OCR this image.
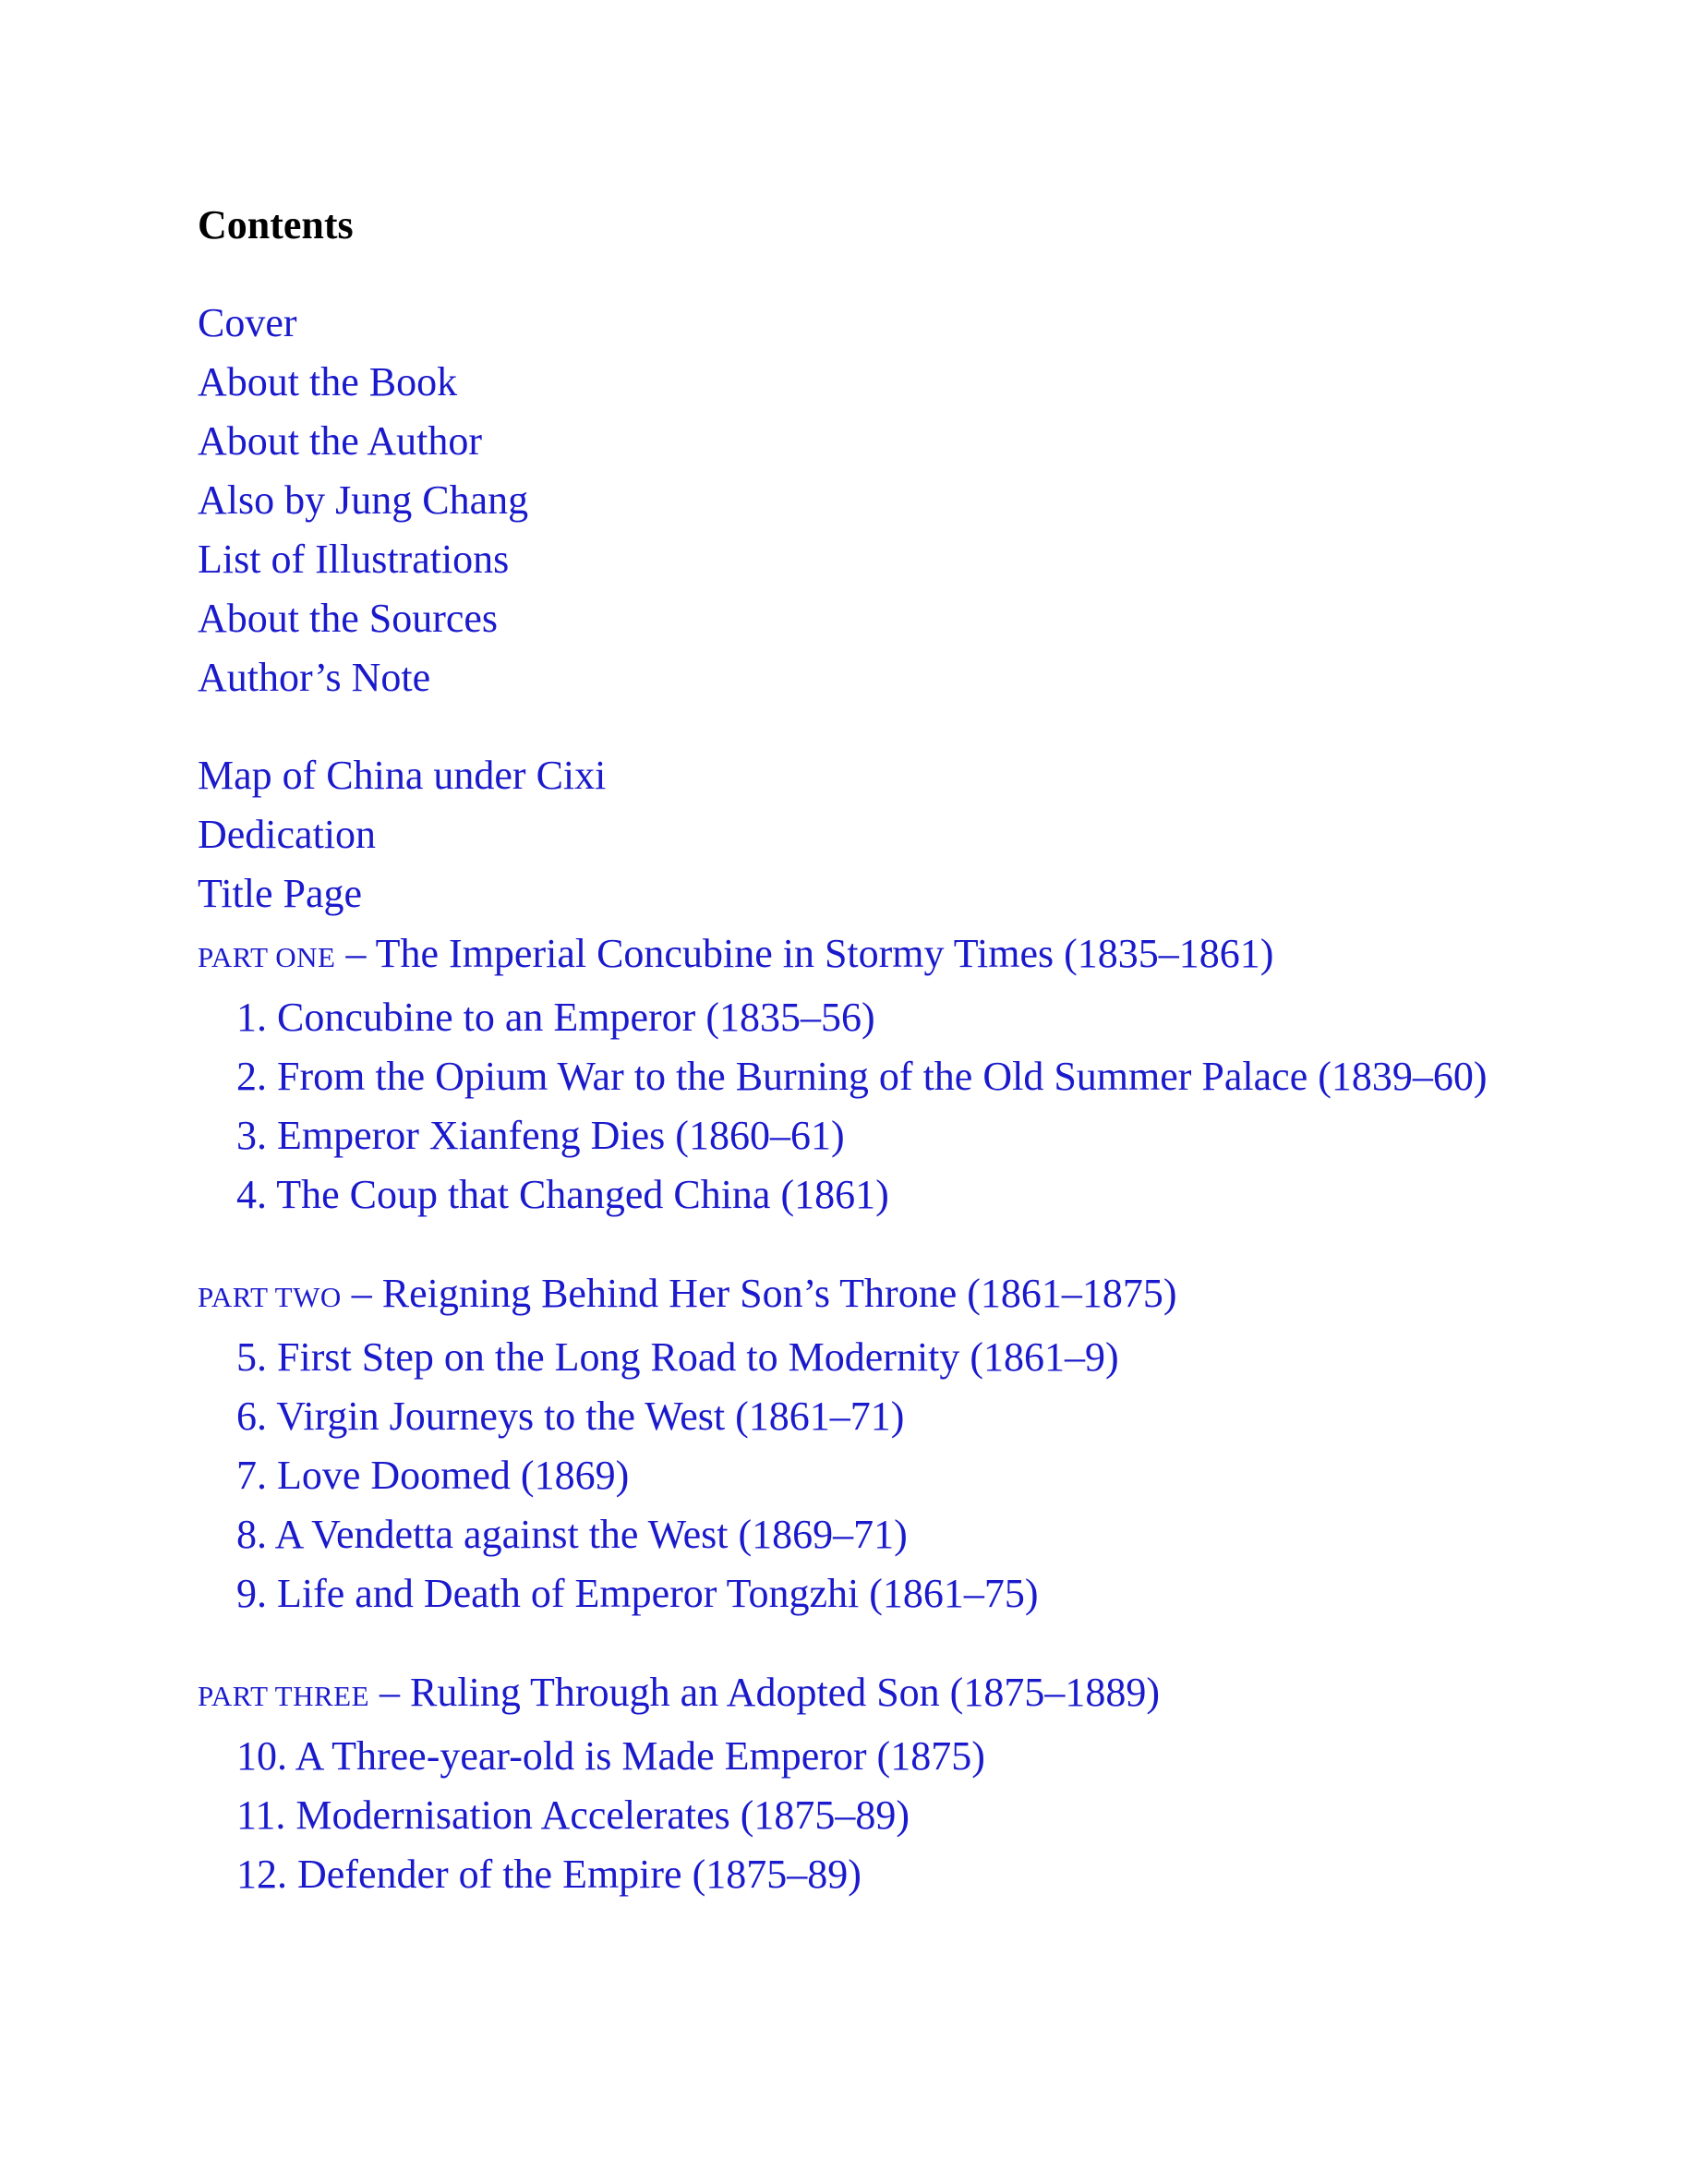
Contents
Cover
About the Book
About the Author
Also by Jung Chang
List of Illustrations
About the Sources
Author’s Note
Map of China under Cixi
Dedication
Title Page
PART ONE – The Imperial Concubine in Stormy Times (1835–1861)
1. Concubine to an Emperor (1835–56)
2. From the Opium War to the Burning of the Old Summer Palace (1839–60)
3. Emperor Xianfeng Dies (1860–61)
4. The Coup that Changed China (1861)
PART TWO – Reigning Behind Her Son’s Throne (1861–1875)
5. First Step on the Long Road to Modernity (1861–9)
6. Virgin Journeys to the West (1861–71)
7. Love Doomed (1869)
8. A Vendetta against the West (1869–71)
9. Life and Death of Emperor Tongzhi (1861–75)
PART THREE – Ruling Through an Adopted Son (1875–1889)
10. A Three-year-old is Made Emperor (1875)
11. Modernisation Accelerates (1875–89)
12. Defender of the Empire (1875–89)
